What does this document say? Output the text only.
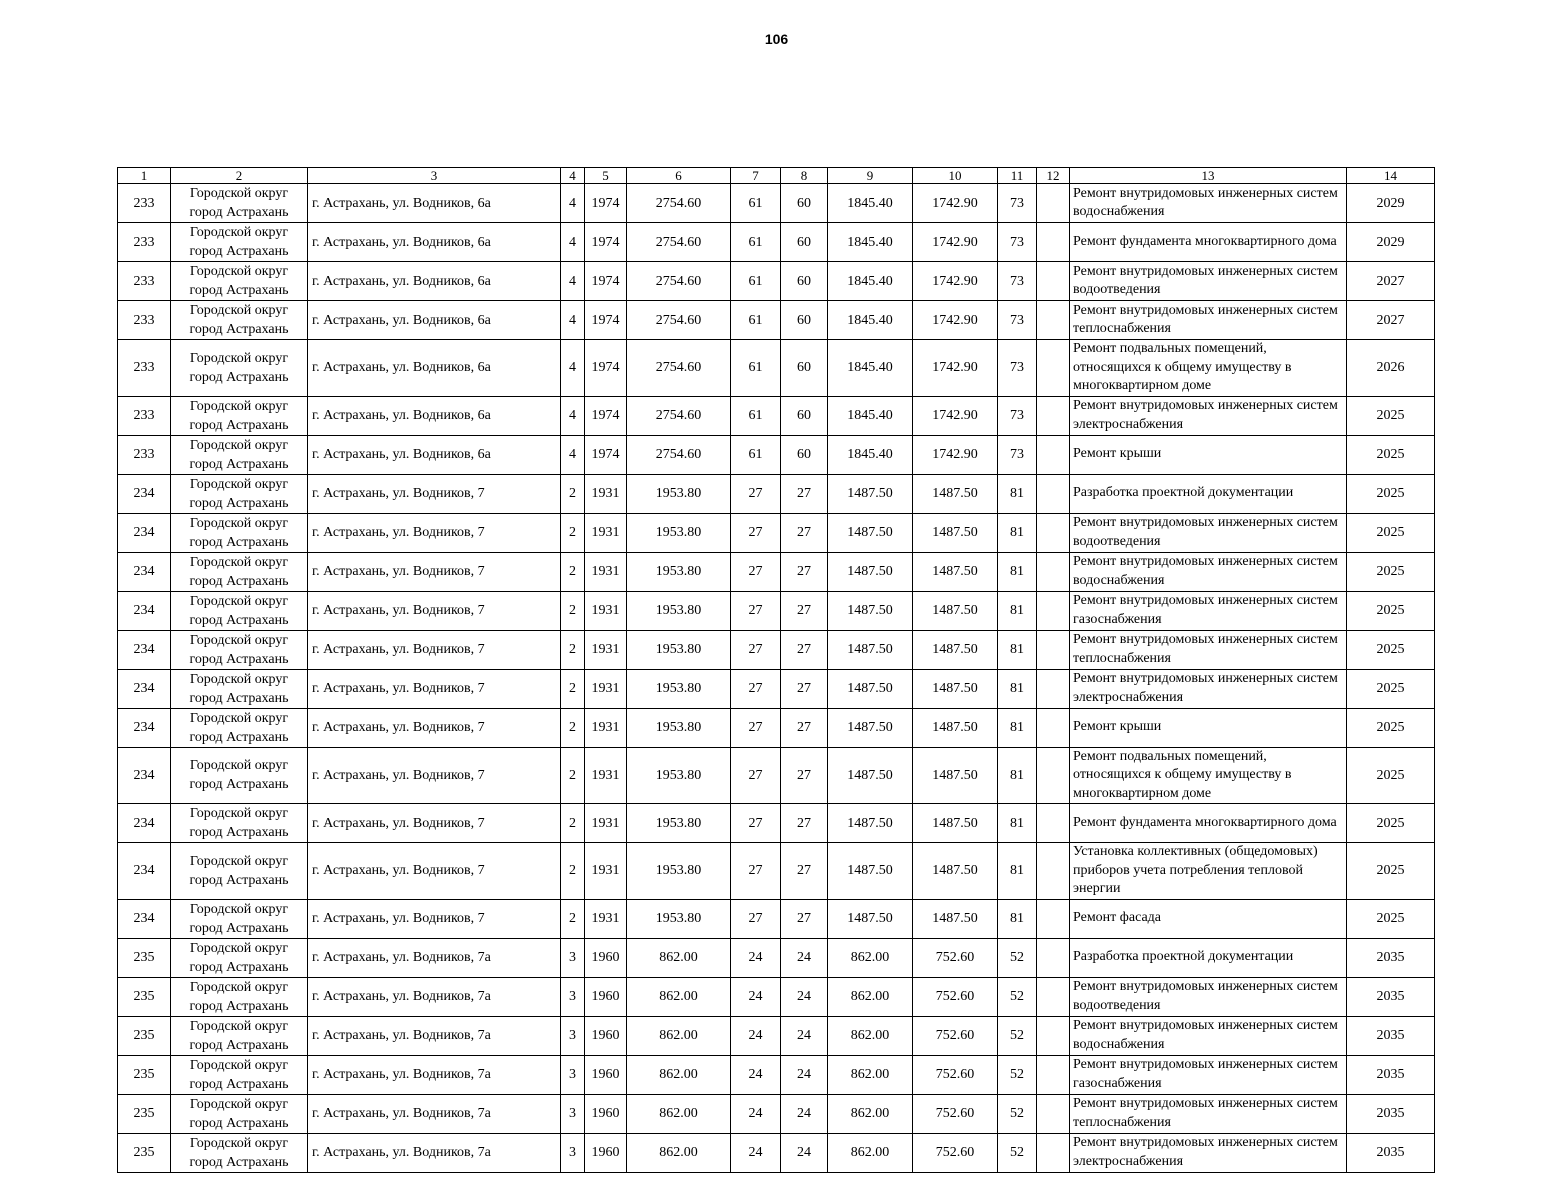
106
1	2	3	4	5	6	7	8	9	10	11	12	13	14
233	Городской округ город Астрахань	г. Астрахань, ул. Водников, 6а	4	1974	2754.60	61	60	1845.40	1742.90	73		Ремонт внутридомовых инженерных систем водоснабжения	2029
233	Городской округ город Астрахань	г. Астрахань, ул. Водников, 6а	4	1974	2754.60	61	60	1845.40	1742.90	73		Ремонт фундамента многоквартирного дома	2029
233	Городской округ город Астрахань	г. Астрахань, ул. Водников, 6а	4	1974	2754.60	61	60	1845.40	1742.90	73		Ремонт внутридомовых инженерных систем водоотведения	2027
233	Городской округ город Астрахань	г. Астрахань, ул. Водников, 6а	4	1974	2754.60	61	60	1845.40	1742.90	73		Ремонт внутридомовых инженерных систем теплоснабжения	2027
233	Городской округ город Астрахань	г. Астрахань, ул. Водников, 6а	4	1974	2754.60	61	60	1845.40	1742.90	73		Ремонт подвальных помещений, относящихся к общему имуществу в многоквартирном доме	2026
233	Городской округ город Астрахань	г. Астрахань, ул. Водников, 6а	4	1974	2754.60	61	60	1845.40	1742.90	73		Ремонт внутридомовых инженерных систем электроснабжения	2025
233	Городской округ город Астрахань	г. Астрахань, ул. Водников, 6а	4	1974	2754.60	61	60	1845.40	1742.90	73		Ремонт крыши	2025
234	Городской округ город Астрахань	г. Астрахань, ул. Водников, 7	2	1931	1953.80	27	27	1487.50	1487.50	81		Разработка проектной документации	2025
234	Городской округ город Астрахань	г. Астрахань, ул. Водников, 7	2	1931	1953.80	27	27	1487.50	1487.50	81		Ремонт внутридомовых инженерных систем водоотведения	2025
234	Городской округ город Астрахань	г. Астрахань, ул. Водников, 7	2	1931	1953.80	27	27	1487.50	1487.50	81		Ремонт внутридомовых инженерных систем водоснабжения	2025
234	Городской округ город Астрахань	г. Астрахань, ул. Водников, 7	2	1931	1953.80	27	27	1487.50	1487.50	81		Ремонт внутридомовых инженерных систем газоснабжения	2025
234	Городской округ город Астрахань	г. Астрахань, ул. Водников, 7	2	1931	1953.80	27	27	1487.50	1487.50	81		Ремонт внутридомовых инженерных систем теплоснабжения	2025
234	Городской округ город Астрахань	г. Астрахань, ул. Водников, 7	2	1931	1953.80	27	27	1487.50	1487.50	81		Ремонт внутридомовых инженерных систем электроснабжения	2025
234	Городской округ город Астрахань	г. Астрахань, ул. Водников, 7	2	1931	1953.80	27	27	1487.50	1487.50	81		Ремонт крыши	2025
234	Городской округ город Астрахань	г. Астрахань, ул. Водников, 7	2	1931	1953.80	27	27	1487.50	1487.50	81		Ремонт подвальных помещений, относящихся к общему имуществу в многоквартирном доме	2025
234	Городской округ город Астрахань	г. Астрахань, ул. Водников, 7	2	1931	1953.80	27	27	1487.50	1487.50	81		Ремонт фундамента многоквартирного дома	2025
234	Городской округ город Астрахань	г. Астрахань, ул. Водников, 7	2	1931	1953.80	27	27	1487.50	1487.50	81		Установка коллективных (общедомовых) приборов учета потребления тепловой энергии	2025
234	Городской округ город Астрахань	г. Астрахань, ул. Водников, 7	2	1931	1953.80	27	27	1487.50	1487.50	81		Ремонт фасада	2025
235	Городской округ город Астрахань	г. Астрахань, ул. Водников, 7а	3	1960	862.00	24	24	862.00	752.60	52		Разработка проектной документации	2035
235	Городской округ город Астрахань	г. Астрахань, ул. Водников, 7а	3	1960	862.00	24	24	862.00	752.60	52		Ремонт внутридомовых инженерных систем водоотведения	2035
235	Городской округ город Астрахань	г. Астрахань, ул. Водников, 7а	3	1960	862.00	24	24	862.00	752.60	52		Ремонт внутридомовых инженерных систем водоснабжения	2035
235	Городской округ город Астрахань	г. Астрахань, ул. Водников, 7а	3	1960	862.00	24	24	862.00	752.60	52		Ремонт внутридомовых инженерных систем газоснабжения	2035
235	Городской округ город Астрахань	г. Астрахань, ул. Водников, 7а	3	1960	862.00	24	24	862.00	752.60	52		Ремонт внутридомовых инженерных систем теплоснабжения	2035
235	Городской округ город Астрахань	г. Астрахань, ул. Водников, 7а	3	1960	862.00	24	24	862.00	752.60	52		Ремонт внутридомовых инженерных систем электроснабжения	2035
